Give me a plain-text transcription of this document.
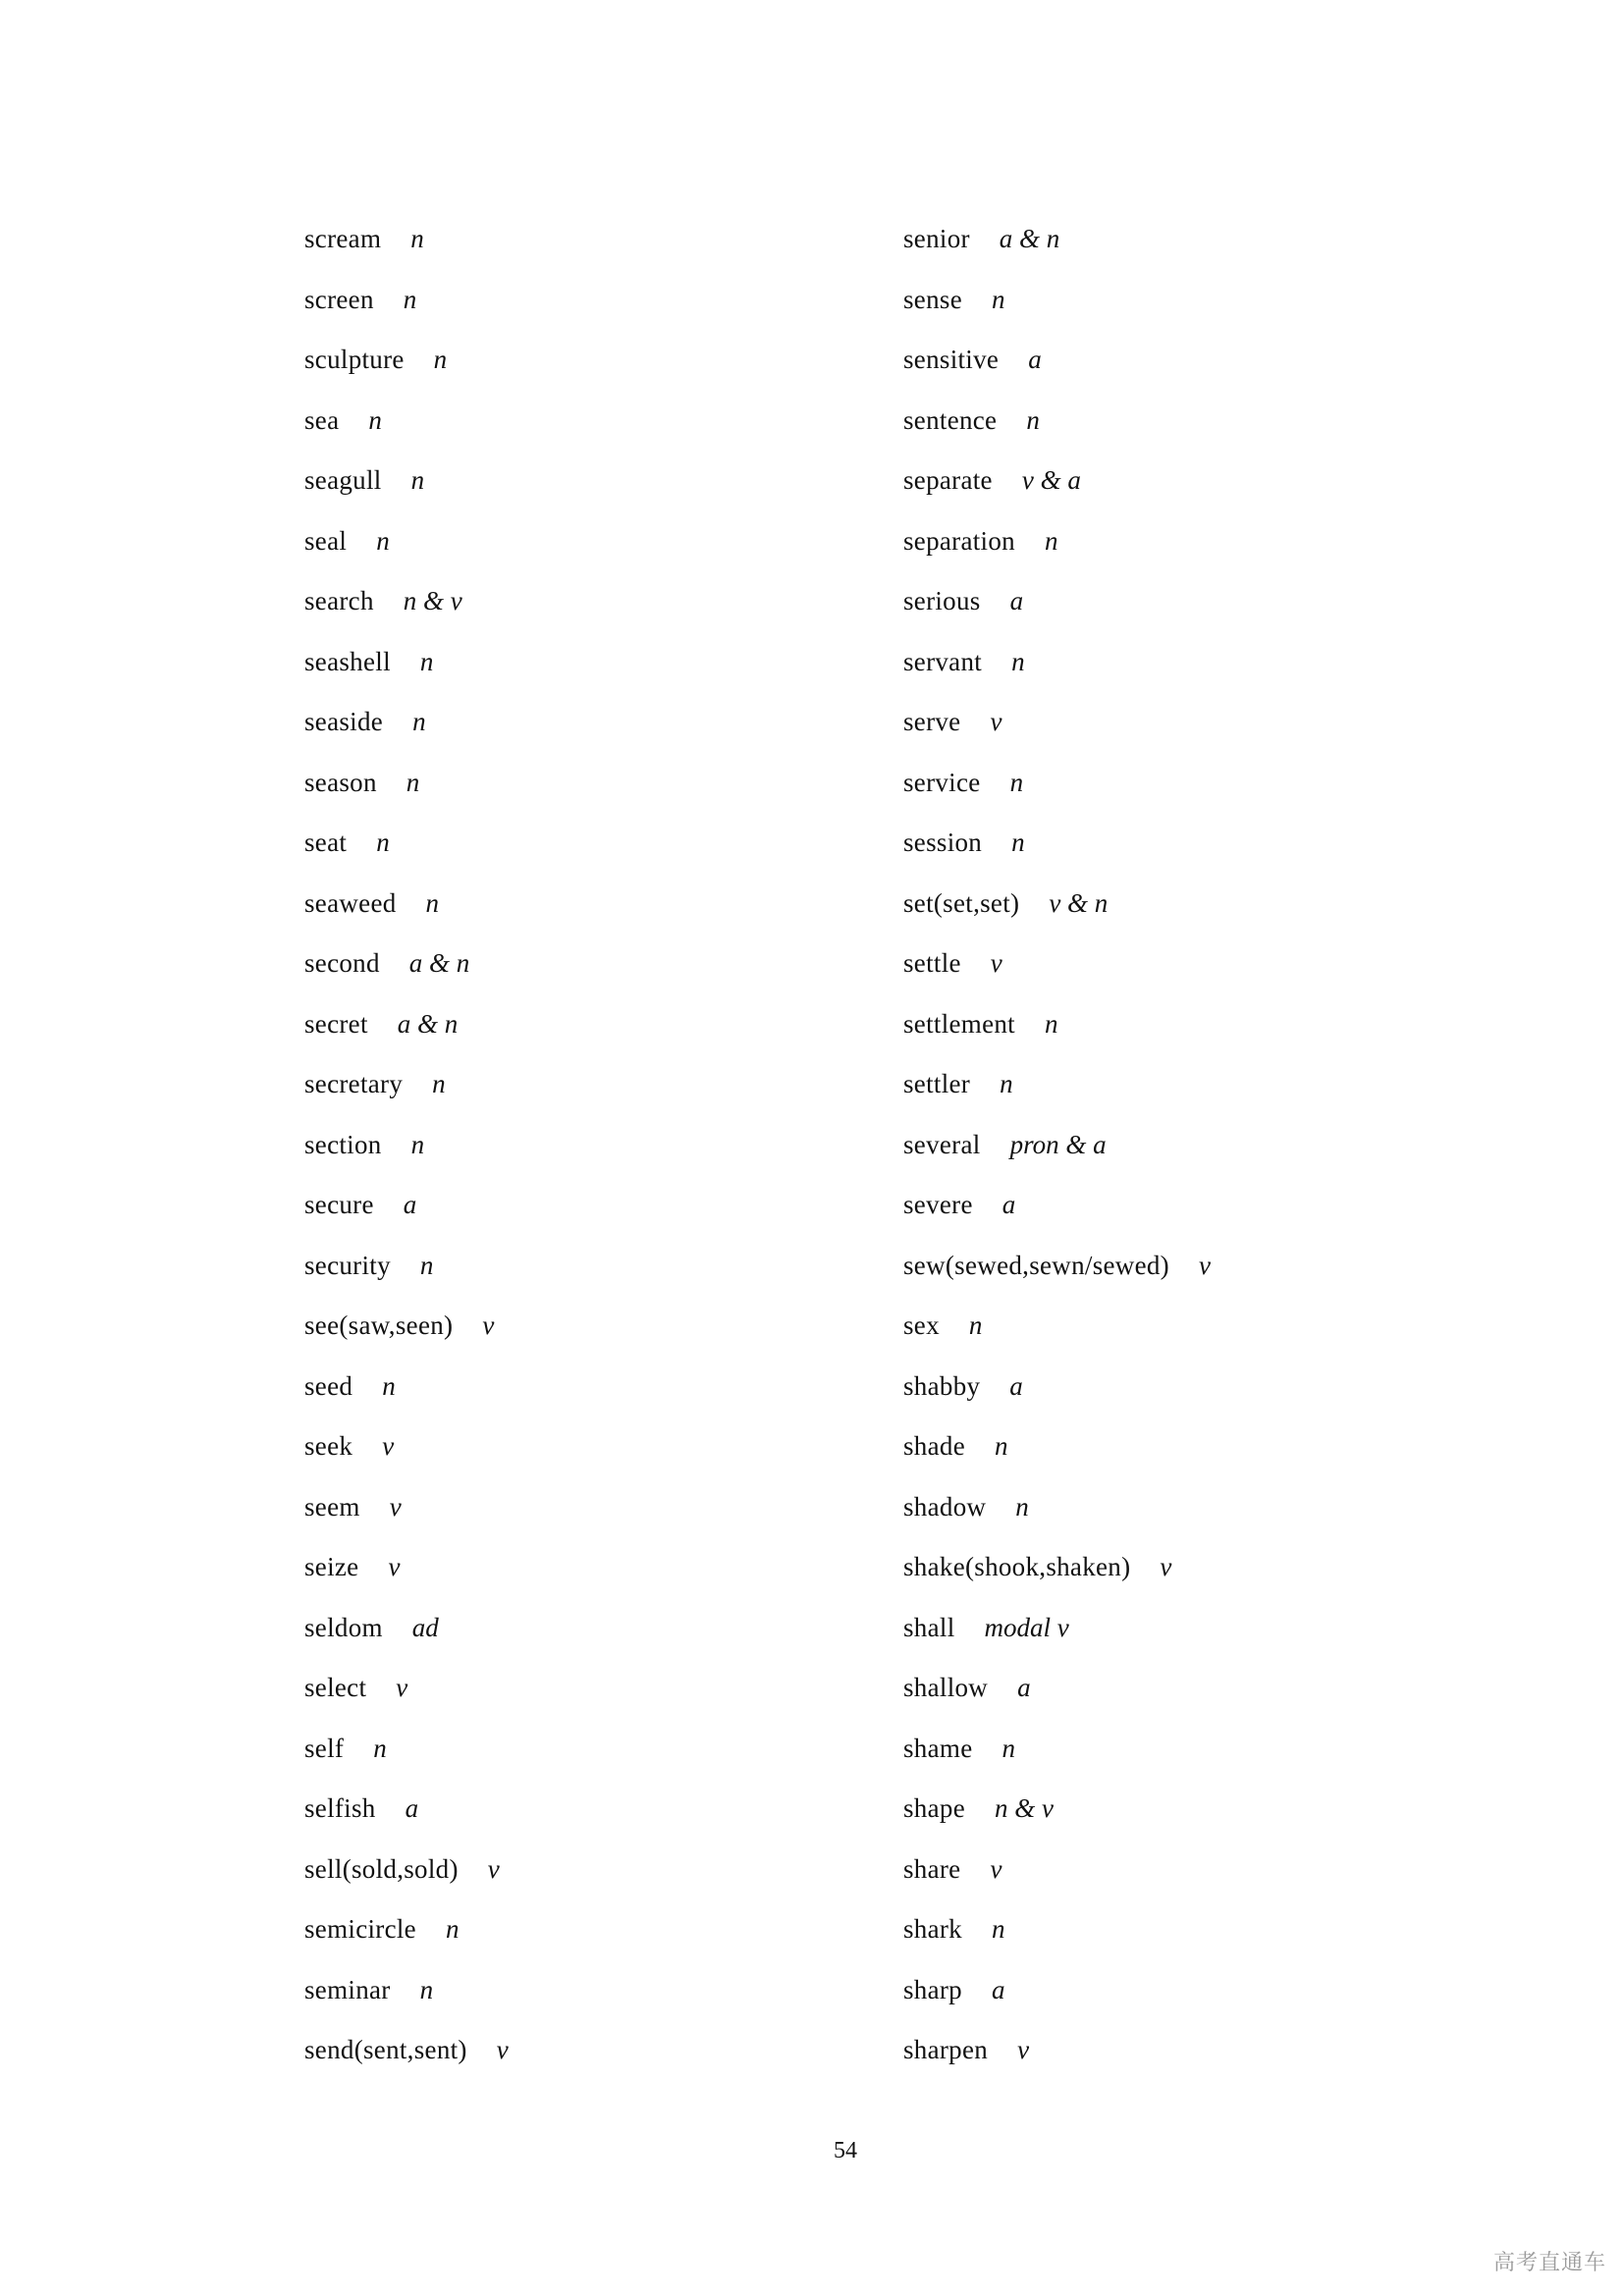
scream n
screen n
sculpture n
sea n
seagull n
seal n
search n & v
seashell n
seaside n
season n
seat n
seaweed n
second a & n
secret a & n
secretary n
section n
secure a
security n
see(saw,seen) v
seed n
seek v
seem v
seize v
seldom ad
select v
self n
selfish a
sell(sold,sold) v
semicircle n
seminar n
send(sent,sent) v
senior a & n
sense n
sensitive a
sentence n
separate v & a
separation n
serious a
servant n
serve v
service n
session n
set(set,set) v & n
settle v
settlement n
settler n
several pron & a
severe a
sew(sewed,sewn/sewed) v
sex n
shabby a
shade n
shadow n
shake(shook,shaken) v
shall modal v
shallow a
shame n
shape n & v
share v
shark n
sharp a
sharpen v
54
高考直通车
